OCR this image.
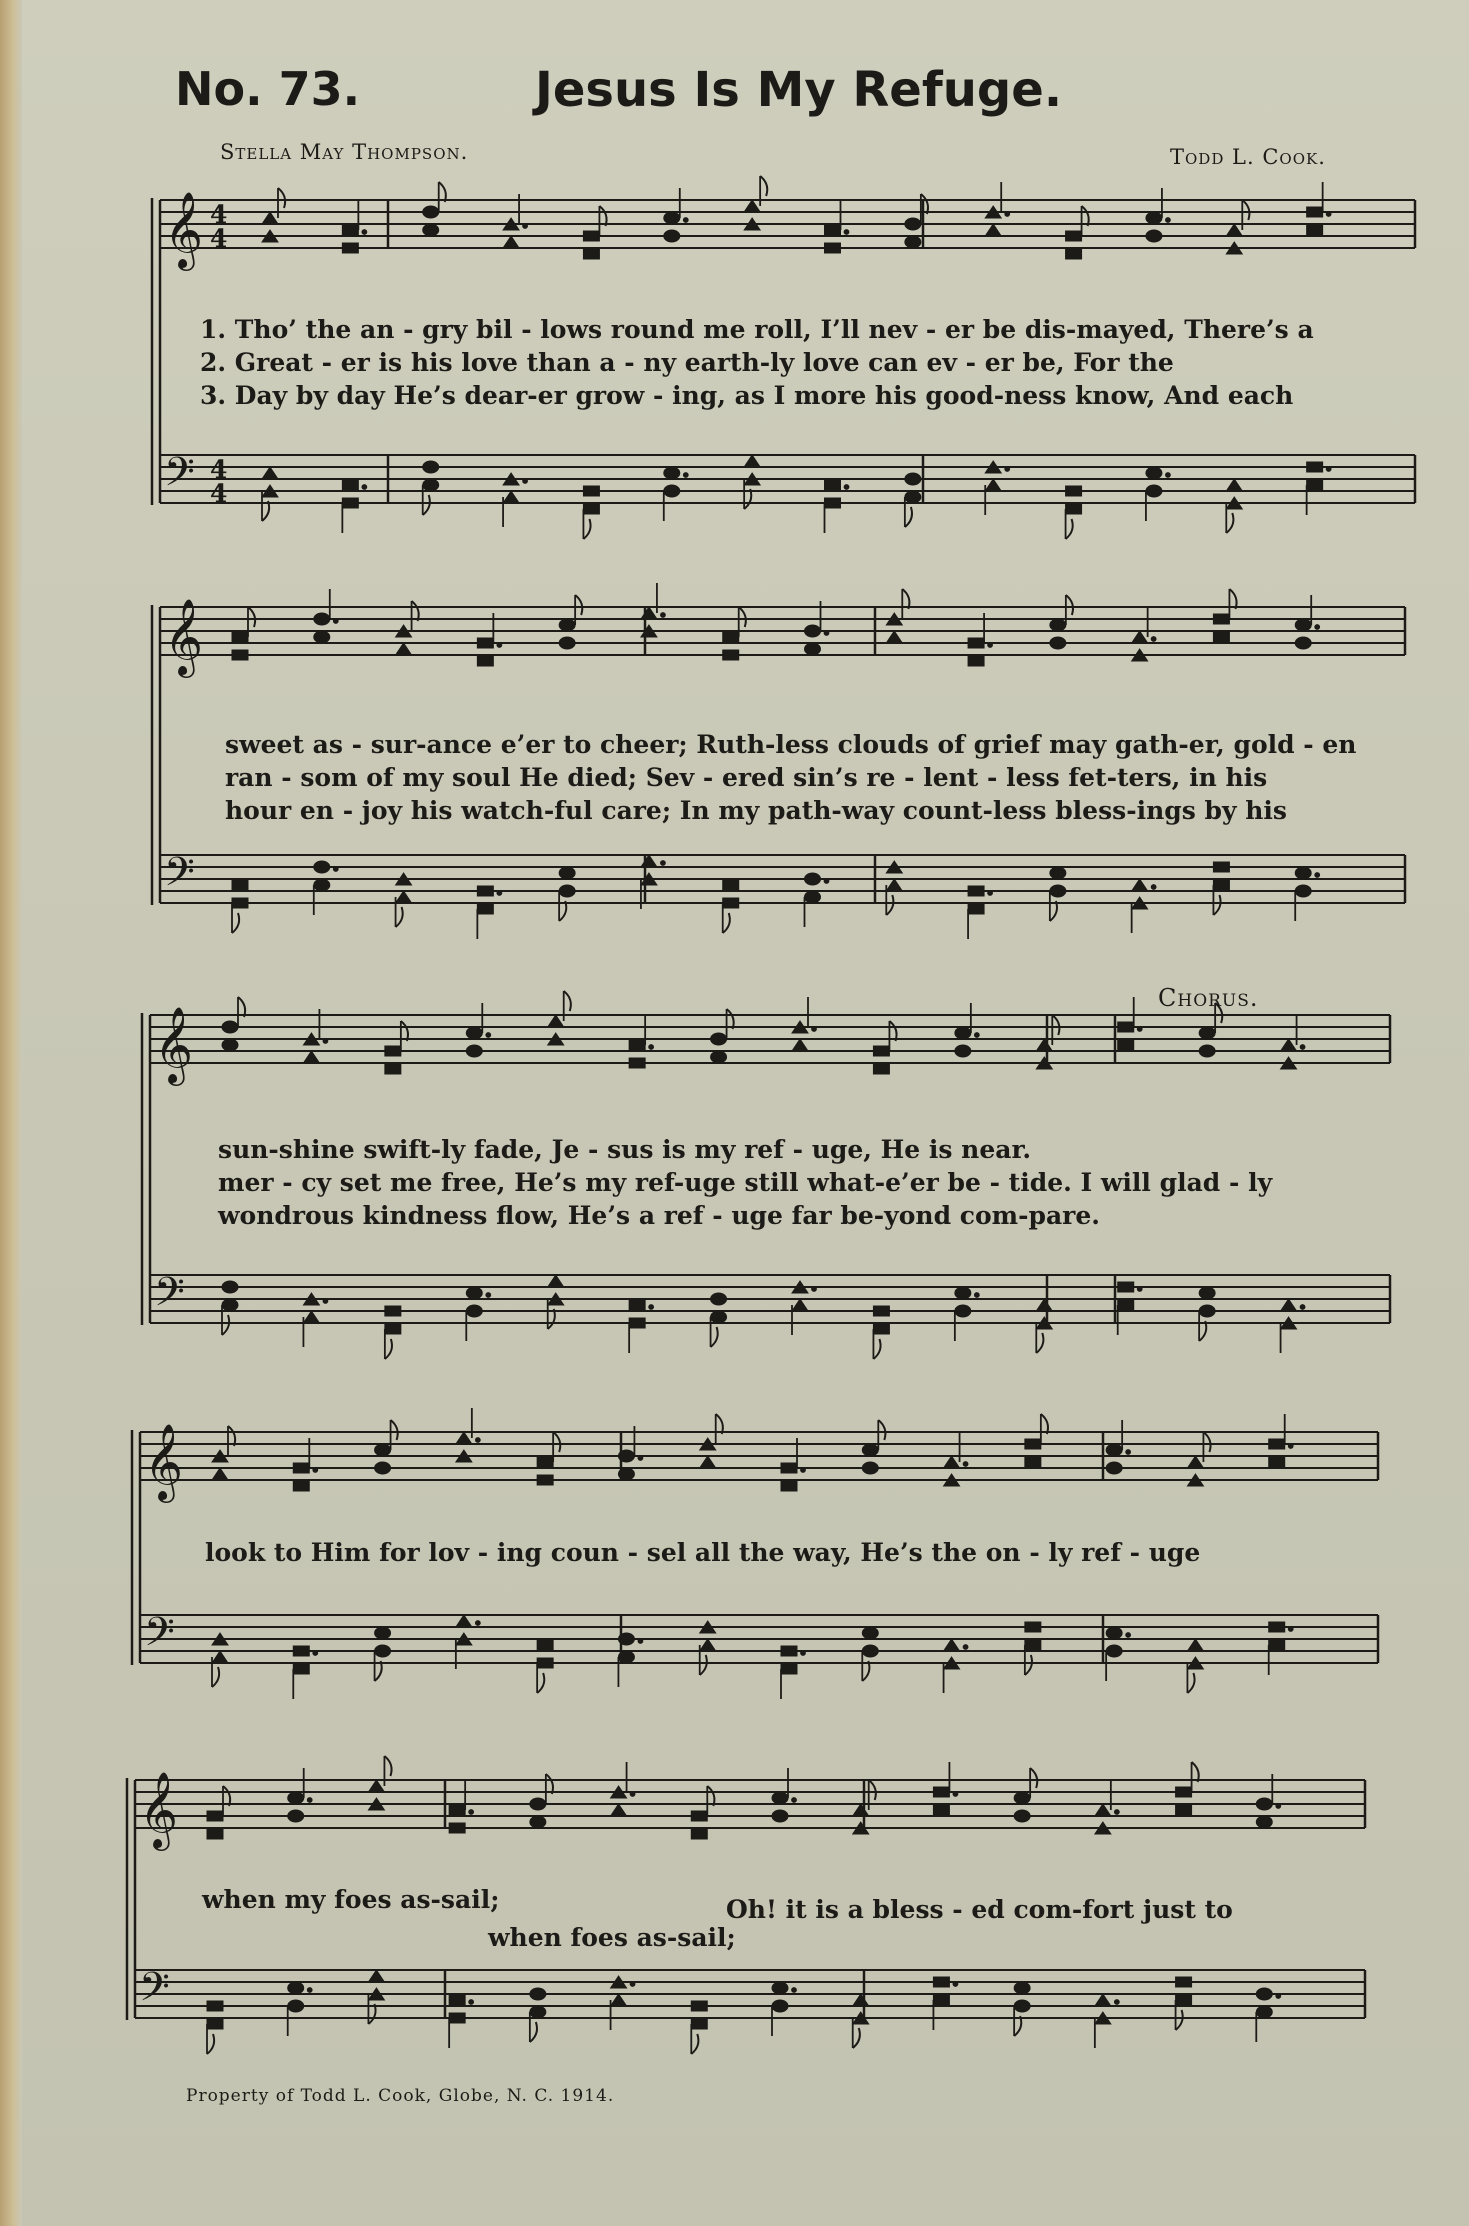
No. 73.	Jesus Is My Refuge.
Stella May Thompson.	Todd L. Cook.
𝄞
𝄢
4
4
4
4
𝄞
𝄢
𝄞
𝄢
𝄞
𝄢
𝄞
𝄢
1. Tho’ the an - gry bil - lows round me roll, I’ll nev - er be dis-mayed, There’s a
2. Great - er is his love than a - ny earth-ly love can ev - er be, For the
3. Day by day He’s dear-er grow - ing, as I more his good-ness know, And each
sweet as - sur-ance e’er to cheer; Ruth-less clouds of grief may gath-er, gold - en
ran - som of my soul He died; Sev - ered sin’s re - lent - less fet-ters, in his
hour en - joy his watch-ful care; In my path-way count-less bless-ings by his
Chorus.
sun-shine swift-ly fade, Je - sus is my ref - uge, He is near.
mer - cy set me free, He’s my ref-uge still what-e’er be - tide. I will glad - ly
wondrous kindness flow, He’s a ref - uge far be-yond com-pare.
look to Him for lov - ing coun - sel all the way, He’s the on - ly ref - uge
when my foes as-sail;	Oh! it is a bless - ed com-fort just to
when foes as-sail;
Property of Todd L. Cook, Globe, N. C. 1914.
